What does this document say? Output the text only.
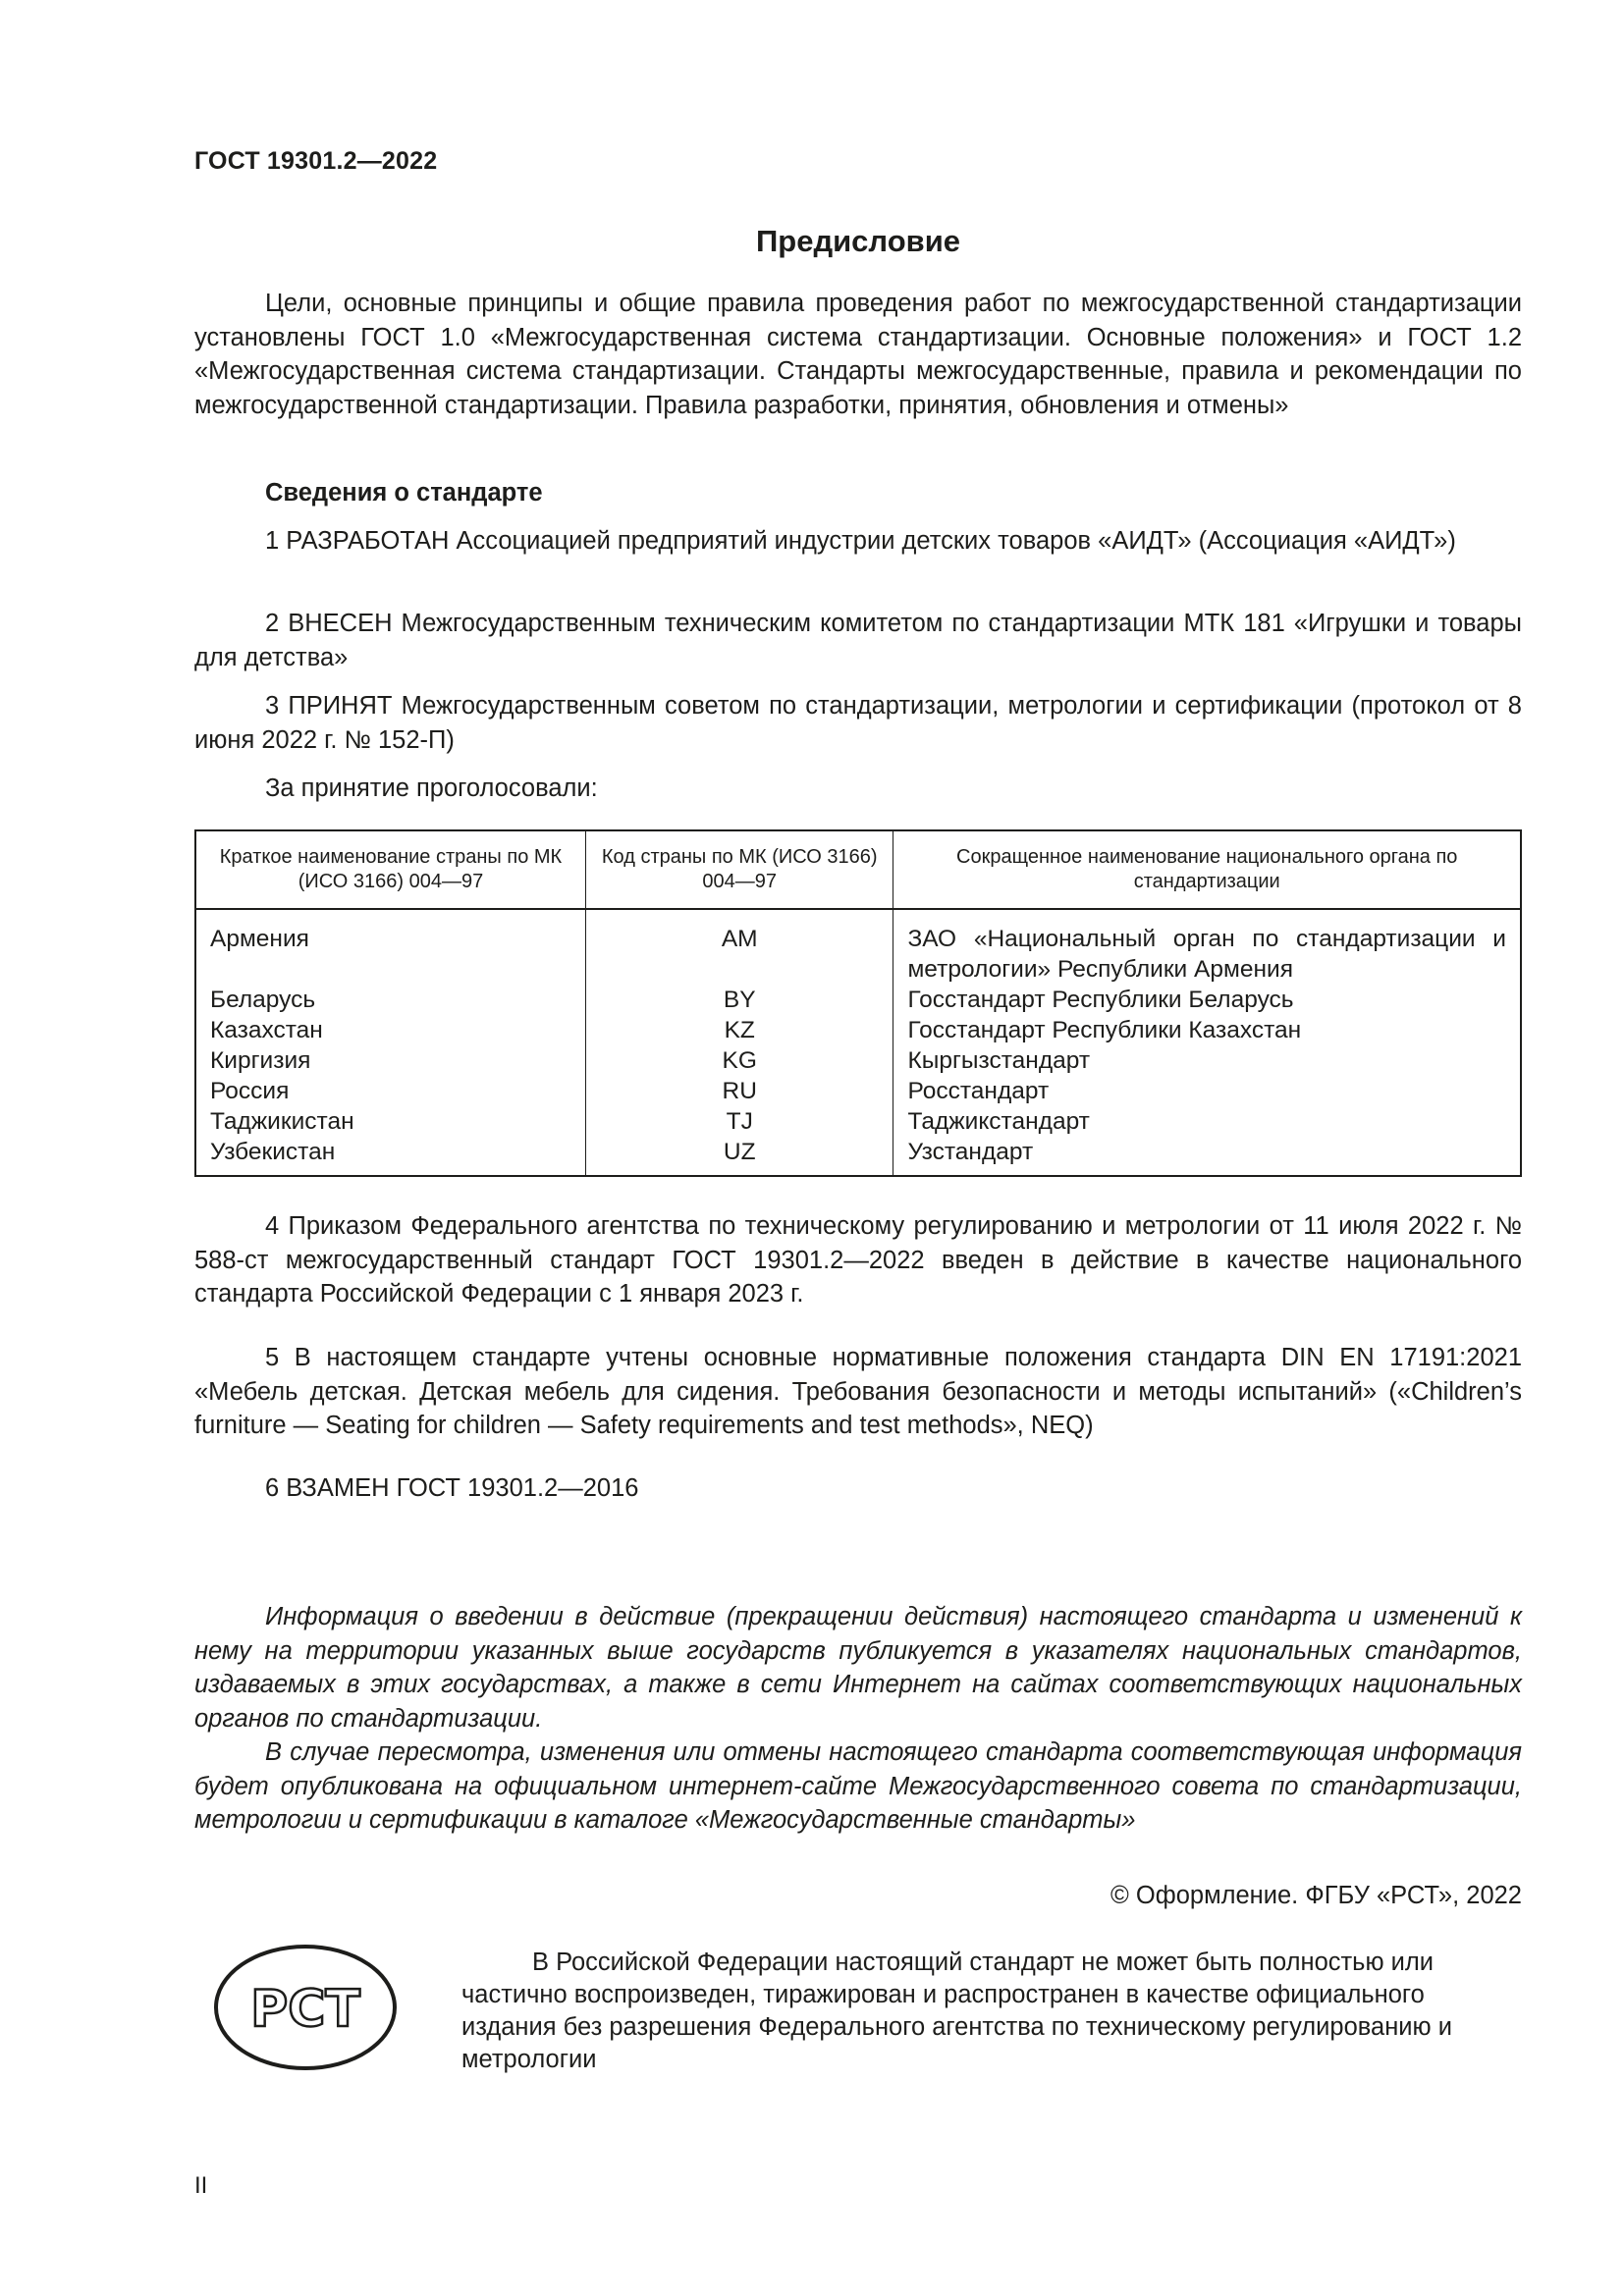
ГОСТ 19301.2—2022
Предисловие
Цели, основные принципы и общие правила проведения работ по межгосударственной стандартизации установлены ГОСТ 1.0 «Межгосударственная система стандартизации. Основные положения» и ГОСТ 1.2 «Межгосударственная система стандартизации. Стандарты межгосударственные, правила и рекомендации по межгосударственной стандартизации. Правила разработки, принятия, обновления и отмены»
Сведения о стандарте
1 РАЗРАБОТАН Ассоциацией предприятий индустрии детских товаров «АИДТ» (Ассоциация «АИДТ»)
2 ВНЕСЕН Межгосударственным техническим комитетом по стандартизации МТК 181 «Игрушки и товары для детства»
3 ПРИНЯТ Межгосударственным советом по стандартизации, метрологии и сертификации (протокол от 8 июня 2022 г. № 152-П)
За принятие проголосовали:
Краткое наименование страны по МК (ИСО 3166) 004—97	Код страны по МК (ИСО 3166) 004—97	Сокращенное наименование национального органа по стандартизации
Армения	AM	ЗАО «Национальный орган по стандартизации и метрологии» Республики Армения
Беларусь	BY	Госстандарт Республики Беларусь
Казахстан	KZ	Госстандарт Республики Казахстан
Киргизия	KG	Кыргызстандарт
Россия	RU	Росстандарт
Таджикистан	TJ	Таджикстандарт
Узбекистан	UZ	Узстандарт
4 Приказом Федерального агентства по техническому регулированию и метрологии от 11 июля 2022 г. № 588-ст межгосударственный стандарт ГОСТ 19301.2—2022 введен в действие в качестве национального стандарта Российской Федерации с 1 января 2023 г.
5 В настоящем стандарте учтены основные нормативные положения стандарта DIN EN 17191:2021 «Мебель детская. Детская мебель для сидения. Требования безопасности и методы испытаний» («Children’s furniture — Seating for children — Safety requirements and test methods», NEQ)
6 ВЗАМЕН ГОСТ 19301.2—2016
Информация о введении в действие (прекращении действия) настоящего стандарта и изменений к нему на территории указанных выше государств публикуется в указателях национальных стандартов, издаваемых в этих государствах, а также в сети Интернет на сайтах соответствующих национальных органов по стандартизации.
В случае пересмотра, изменения или отмены настоящего стандарта соответствующая информация будет опубликована на официальном интернет-сайте Межгосударственного совета по стандартизации, метрологии и сертификации в каталоге «Межгосударственные стандарты»
© Оформление. ФГБУ «РСТ», 2022
РСТ
В Российской Федерации настоящий стандарт не может быть полностью или частично воспроизведен, тиражирован и распространен в качестве официального издания без разрешения Федерального агентства по техническому регулированию и метрологии
II
